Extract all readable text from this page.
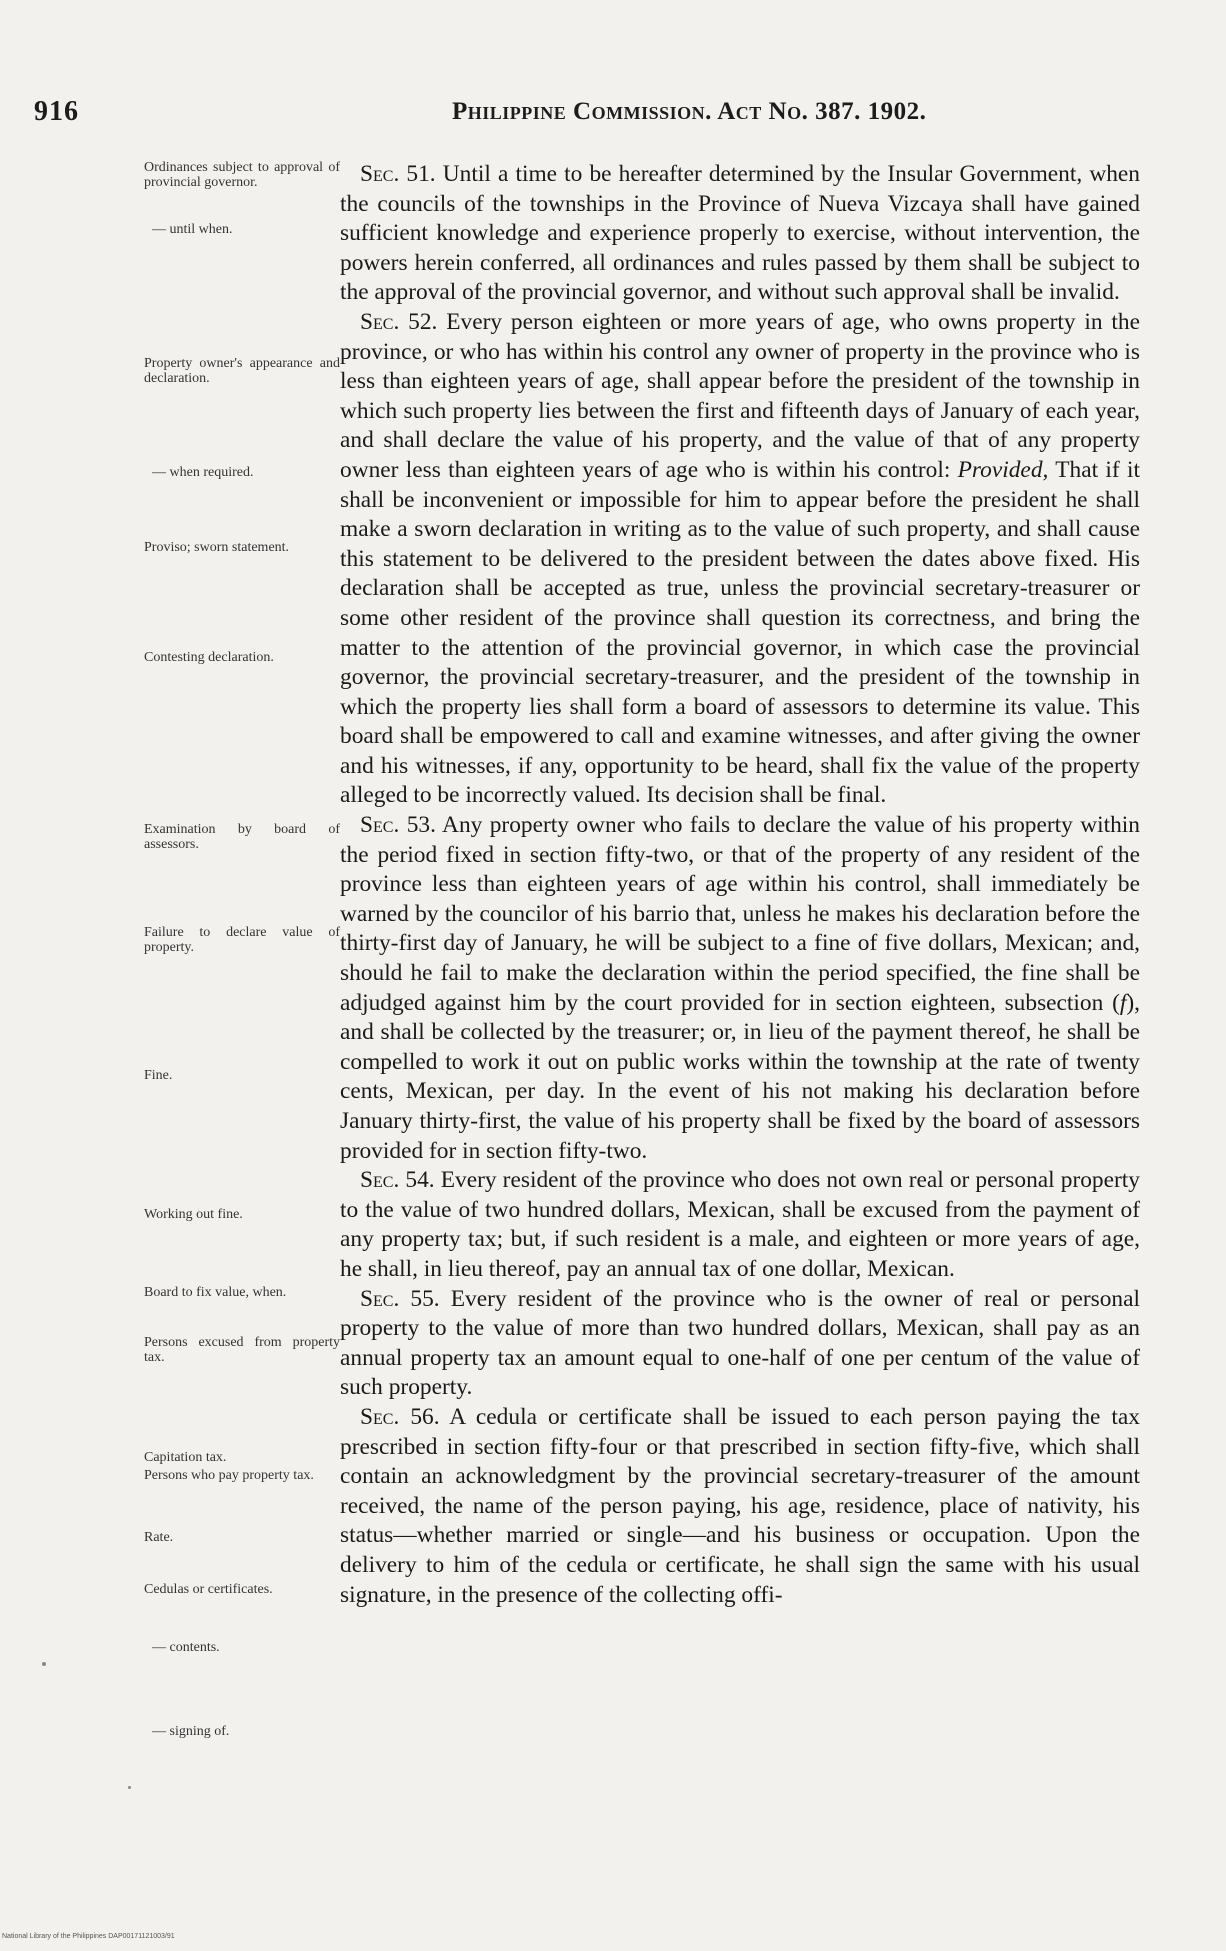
916	Philippine Commission. Act No. 387. 1902.
Ordinances subject to approval of provincial governor.
— until when.
Property owner's appearance and declaration.
— when required.
Proviso; sworn statement.
Contesting declaration.
Examination by board of assessors.
Failure to declare value of property.
Fine.
Working out fine.
Board to fix value, when.
Persons excused from property tax.
Capitation tax.
Persons who pay property tax.
Rate.
Cedulas or certificates.
— contents.
— signing of.

Sec. 51. Until a time to be hereafter determined by the Insular Government, when the councils of the townships in the Province of Nueva Vizcaya shall have gained sufficient knowledge and experience properly to exercise, without intervention, the powers herein conferred, all ordinances and rules passed by them shall be subject to the approval of the provincial governor, and without such approval shall be invalid.

Sec. 52. Every person eighteen or more years of age, who owns property in the province, or who has within his control any owner of property in the province who is less than eighteen years of age, shall appear before the president of the township in which such property lies between the first and fifteenth days of January of each year, and shall declare the value of his property, and the value of that of any property owner less than eighteen years of age who is within his control: Provided, That if it shall be inconvenient or impossible for him to appear before the president he shall make a sworn declaration in writing as to the value of such property, and shall cause this statement to be delivered to the president between the dates above fixed. His declaration shall be accepted as true, unless the provincial secretary-treasurer or some other resident of the province shall question its correctness, and bring the matter to the attention of the provincial governor, in which case the provincial governor, the provincial secretary-treasurer, and the president of the township in which the property lies shall form a board of assessors to determine its value. This board shall be empowered to call and examine witnesses, and after giving the owner and his witnesses, if any, opportunity to be heard, shall fix the value of the property alleged to be incorrectly valued. Its decision shall be final.

Sec. 53. Any property owner who fails to declare the value of his property within the period fixed in section fifty-two, or that of the property of any resident of the province less than eighteen years of age within his control, shall immediately be warned by the councilor of his barrio that, unless he makes his declaration before the thirty-first day of January, he will be subject to a fine of five dollars, Mexican; and, should he fail to make the declaration within the period specified, the fine shall be adjudged against him by the court provided for in section eighteen, subsection (f), and shall be collected by the treasurer; or, in lieu of the payment thereof, he shall be compelled to work it out on public works within the township at the rate of twenty cents, Mexican, per day. In the event of his not making his declaration before January thirty-first, the value of his property shall be fixed by the board of assessors provided for in section fifty-two.

Sec. 54. Every resident of the province who does not own real or personal property to the value of two hundred dollars, Mexican, shall be excused from the payment of any property tax; but, if such resident is a male, and eighteen or more years of age, he shall, in lieu thereof, pay an annual tax of one dollar, Mexican.

Sec. 55. Every resident of the province who is the owner of real or personal property to the value of more than two hundred dollars, Mexican, shall pay as an annual property tax an amount equal to one-half of one per centum of the value of such property.

Sec. 56. A cedula or certificate shall be issued to each person paying the tax prescribed in section fifty-four or that prescribed in section fifty-five, which shall contain an acknowledgment by the provincial secretary-treasurer of the amount received, the name of the person paying, his age, residence, place of nativity, his status—whether married or single—and his business or occupation. Upon the delivery to him of the cedula or certificate, he shall sign the same with his usual signature, in the presence of the collecting offi-

National Library of the Philippines DAP00171121003/91
